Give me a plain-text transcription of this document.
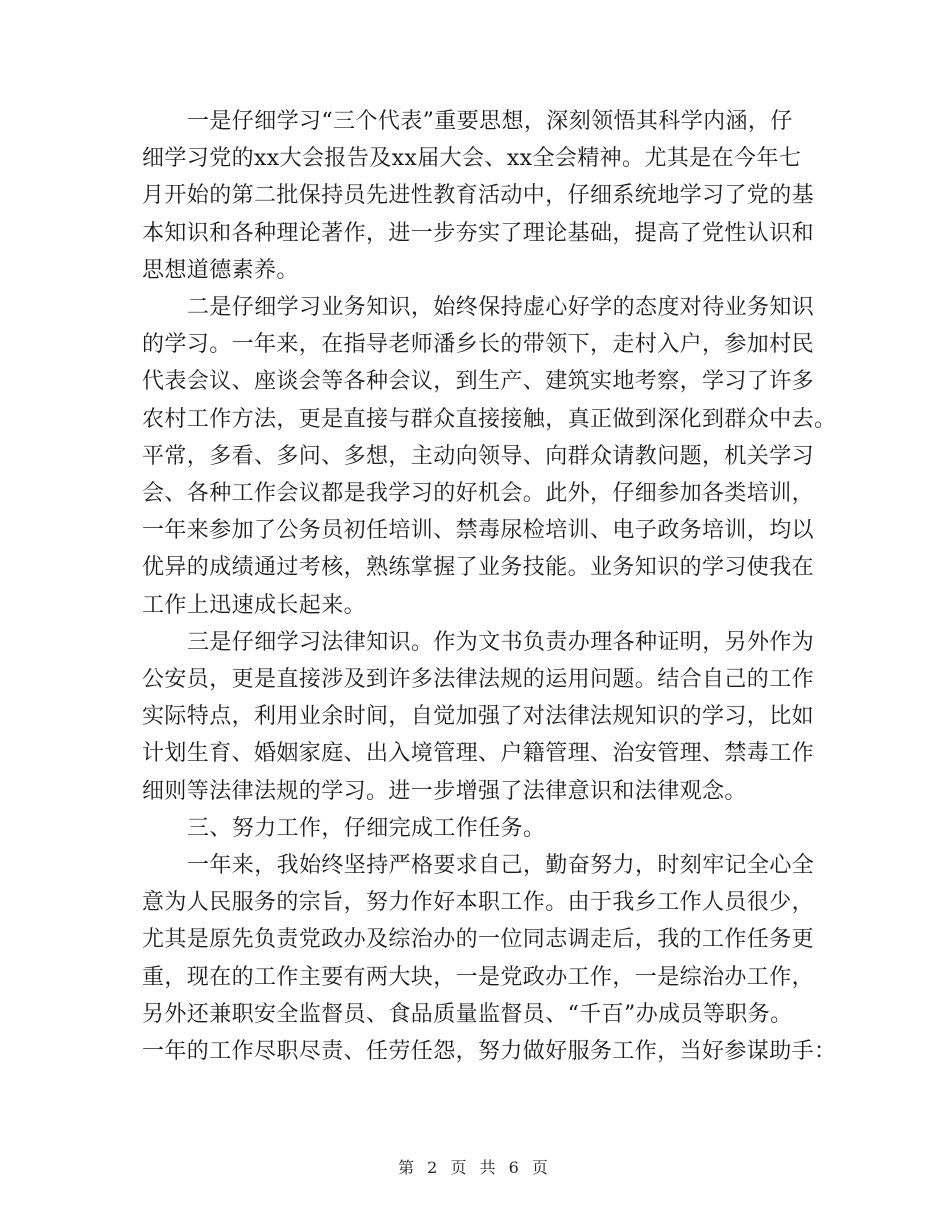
一是仔细学习“三个代表”重要思想，深刻领悟其科学内涵，仔
细学习党的xx大会报告及xx届大会、xx全会精神。尤其是在今年七
月开始的第二批保持员先进性教育活动中，仔细系统地学习了党的基
本知识和各种理论著作，进一步夯实了理论基础，提高了党性认识和
思想道德素养。

二是仔细学习业务知识，始终保持虚心好学的态度对待业务知识
的学习。一年来，在指导老师潘乡长的带领下，走村入户，参加村民
代表会议、座谈会等各种会议，到生产、建筑实地考察，学习了许多
农村工作方法，更是直接与群众直接接触，真正做到深化到群众中去。
平常，多看、多问、多想，主动向领导、向群众请教问题，机关学习
会、各种工作会议都是我学习的好机会。此外，仔细参加各类培训，
一年来参加了公务员初任培训、禁毒尿检培训、电子政务培训，均以
优异的成绩通过考核，熟练掌握了业务技能。业务知识的学习使我在
工作上迅速成长起来。

三是仔细学习法律知识。作为文书负责办理各种证明，另外作为
公安员，更是直接涉及到许多法律法规的运用问题。结合自己的工作
实际特点，利用业余时间，自觉加强了对法律法规知识的学习，比如
计划生育、婚姻家庭、出入境管理、户籍管理、治安管理、禁毒工作
细则等法律法规的学习。进一步增强了法律意识和法律观念。

三、努力工作，仔细完成工作任务。

一年来，我始终坚持严格要求自己，勤奋努力，时刻牢记全心全
意为人民服务的宗旨，努力作好本职工作。由于我乡工作人员很少，
尤其是原先负责党政办及综治办的一位同志调走后，我的工作任务更
重，现在的工作主要有两大块，一是党政办工作，一是综治办工作，
另外还兼职安全监督员、食品质量监督员、“千百”办成员等职务。
一年的工作尽职尽责、任劳任怨，努力做好服务工作，当好参谋助手：

第 2 页 共 6 页
